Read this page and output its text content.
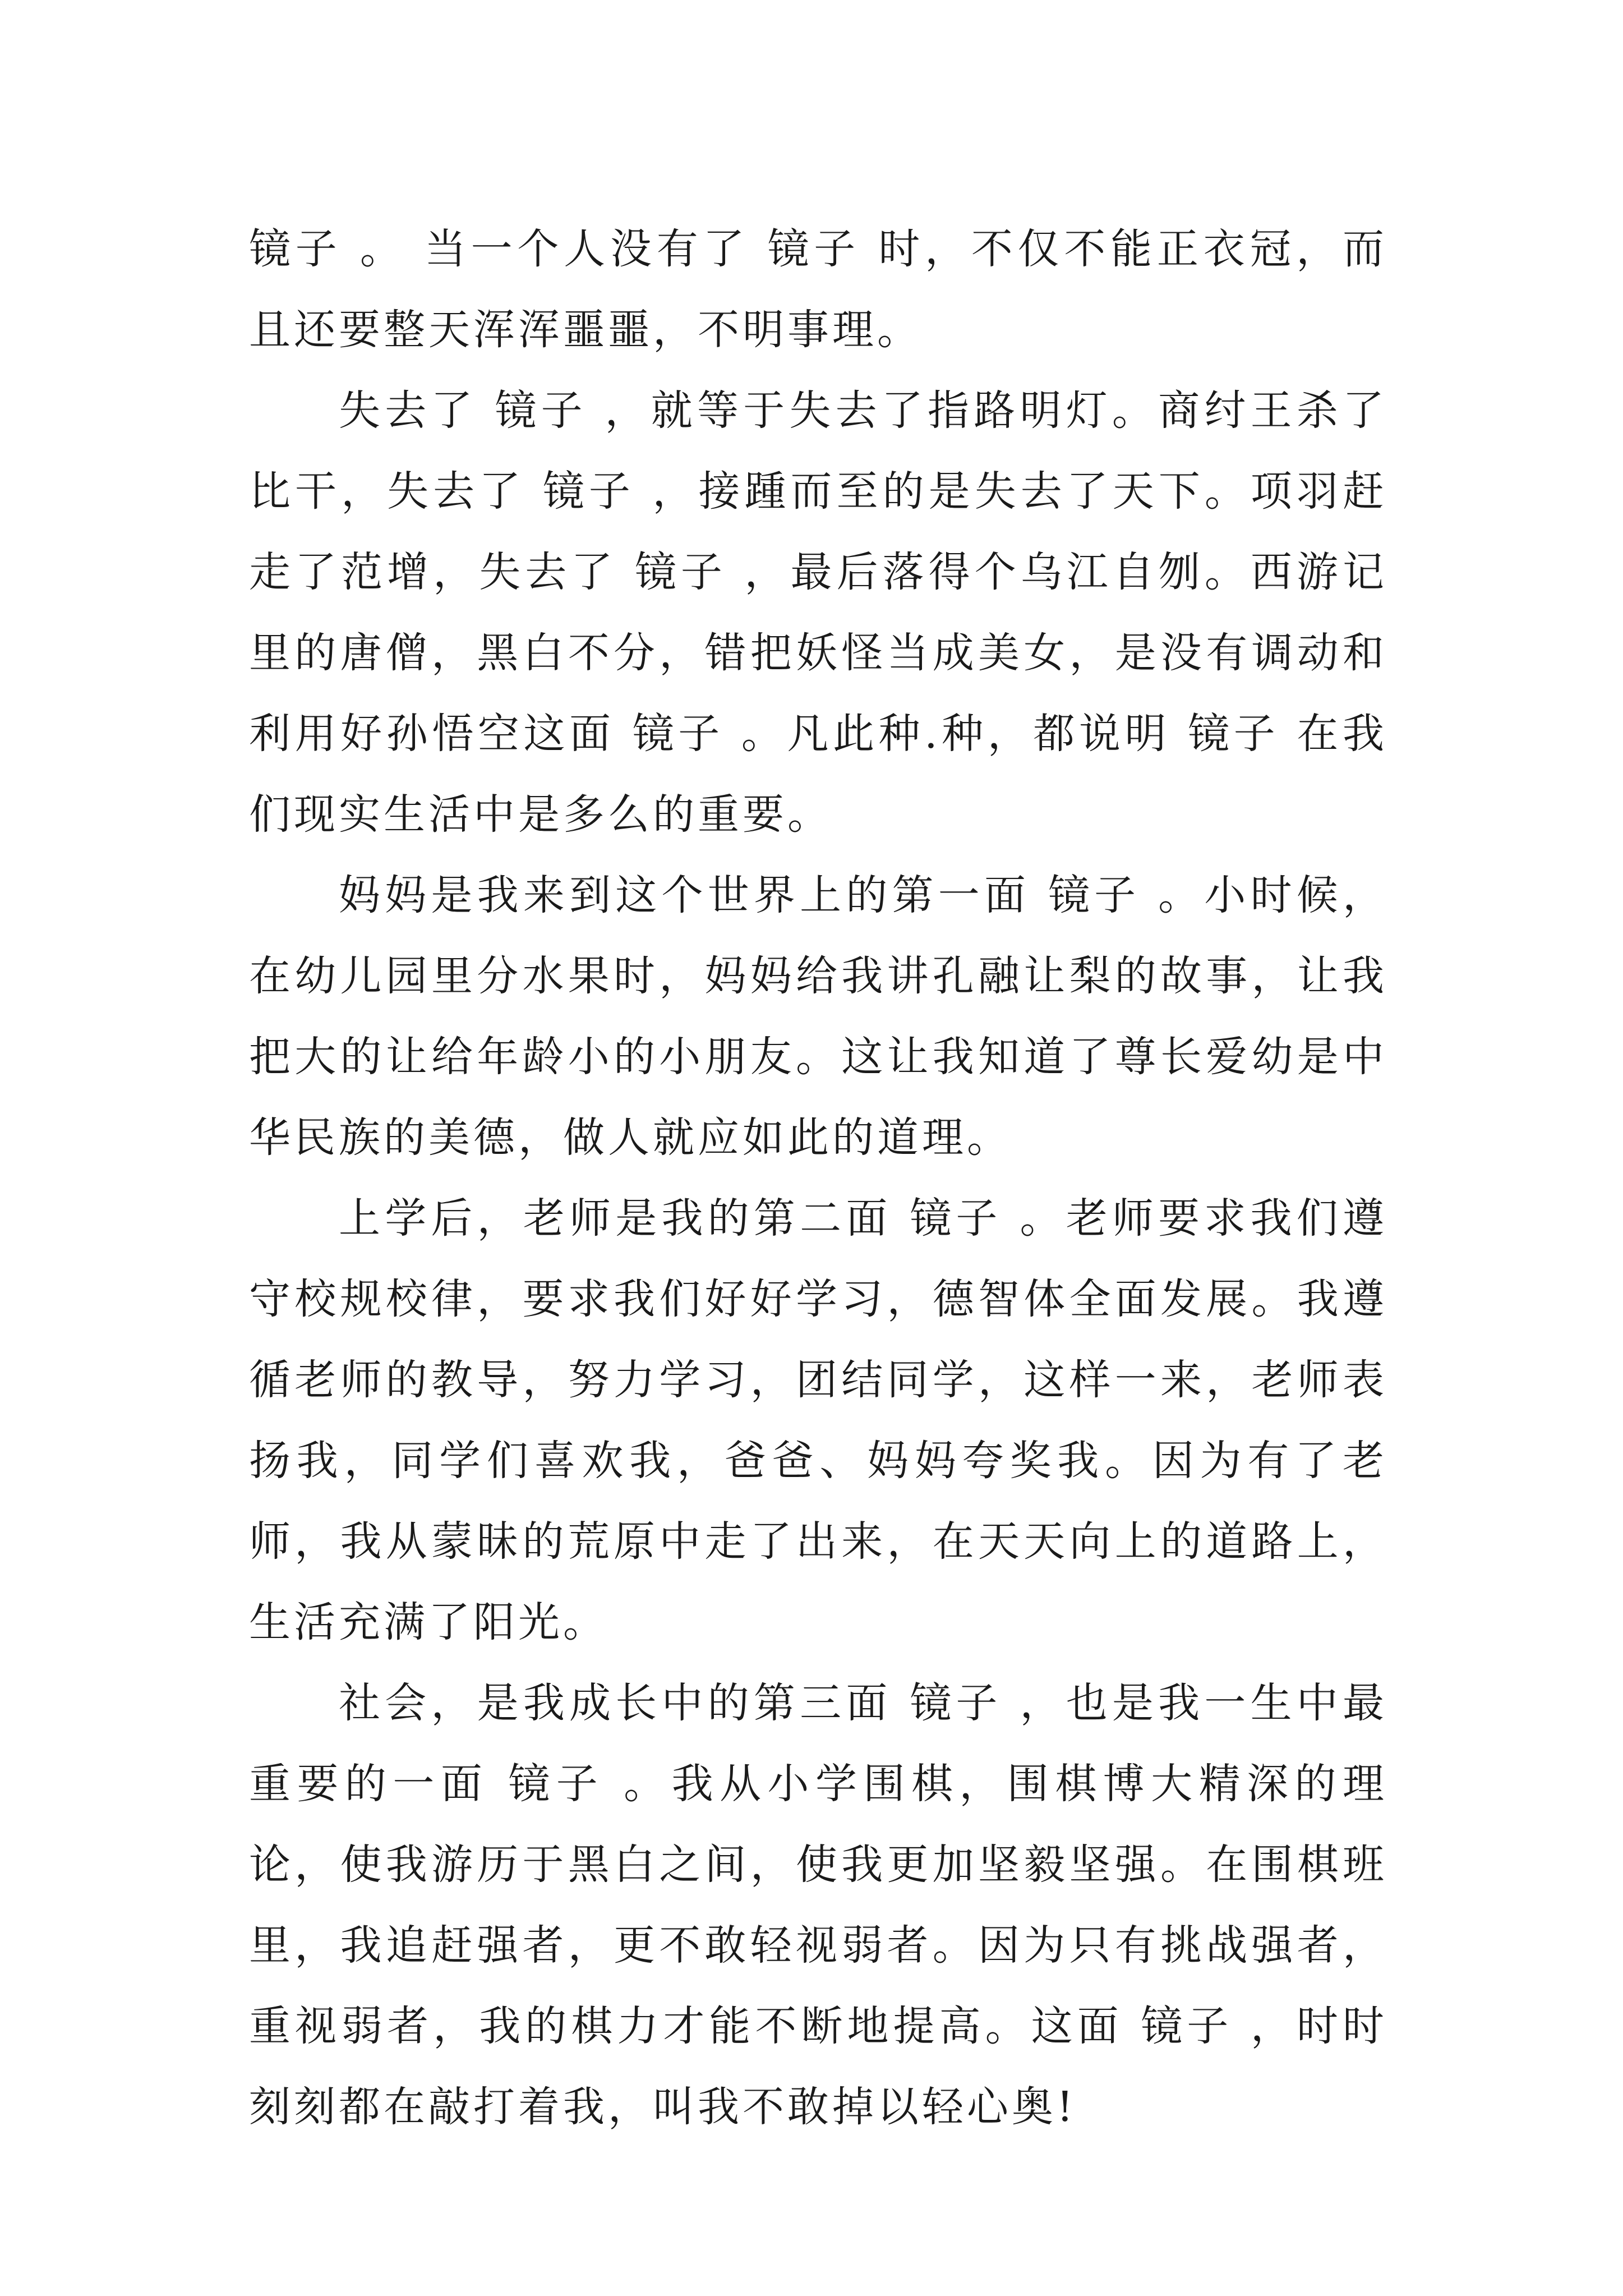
镜子 。 当一个人没有了 镜子 时，不仅不能正衣冠，而且还要整天浑浑噩噩，不明事理。

失去了 镜子 ，就等于失去了指路明灯。商纣王杀了比干，失去了 镜子 ，接踵而至的是失去了天下。项羽赶走了范增，失去了 镜子 ，最后落得个乌江自刎。西游记里的唐僧，黑白不分，错把妖怪当成美女，是没有调动和利用好孙悟空这面 镜子 。凡此种.种，都说明 镜子 在我们现实生活中是多么的重要。

妈妈是我来到这个世界上的第一面 镜子 。小时候，在幼儿园里分水果时，妈妈给我讲孔融让梨的故事，让我把大的让给年龄小的小朋友。这让我知道了尊长爱幼是中华民族的美德，做人就应如此的道理。

上学后，老师是我的第二面 镜子 。老师要求我们遵守校规校律，要求我们好好学习，德智体全面发展。我遵循老师的教导，努力学习，团结同学，这样一来，老师表扬我，同学们喜欢我，爸爸、妈妈夸奖我。因为有了老师，我从蒙昧的荒原中走了出来，在天天向上的道路上，生活充满了阳光。

社会，是我成长中的第三面 镜子 ，也是我一生中最重要的一面 镜子 。我从小学围棋，围棋博大精深的理论，使我游历于黑白之间，使我更加坚毅坚强。在围棋班里，我追赶强者，更不敢轻视弱者。因为只有挑战强者，重视弱者，我的棋力才能不断地提高。这面 镜子 ，时时刻刻都在敲打着我，叫我不敢掉以轻心奥!
